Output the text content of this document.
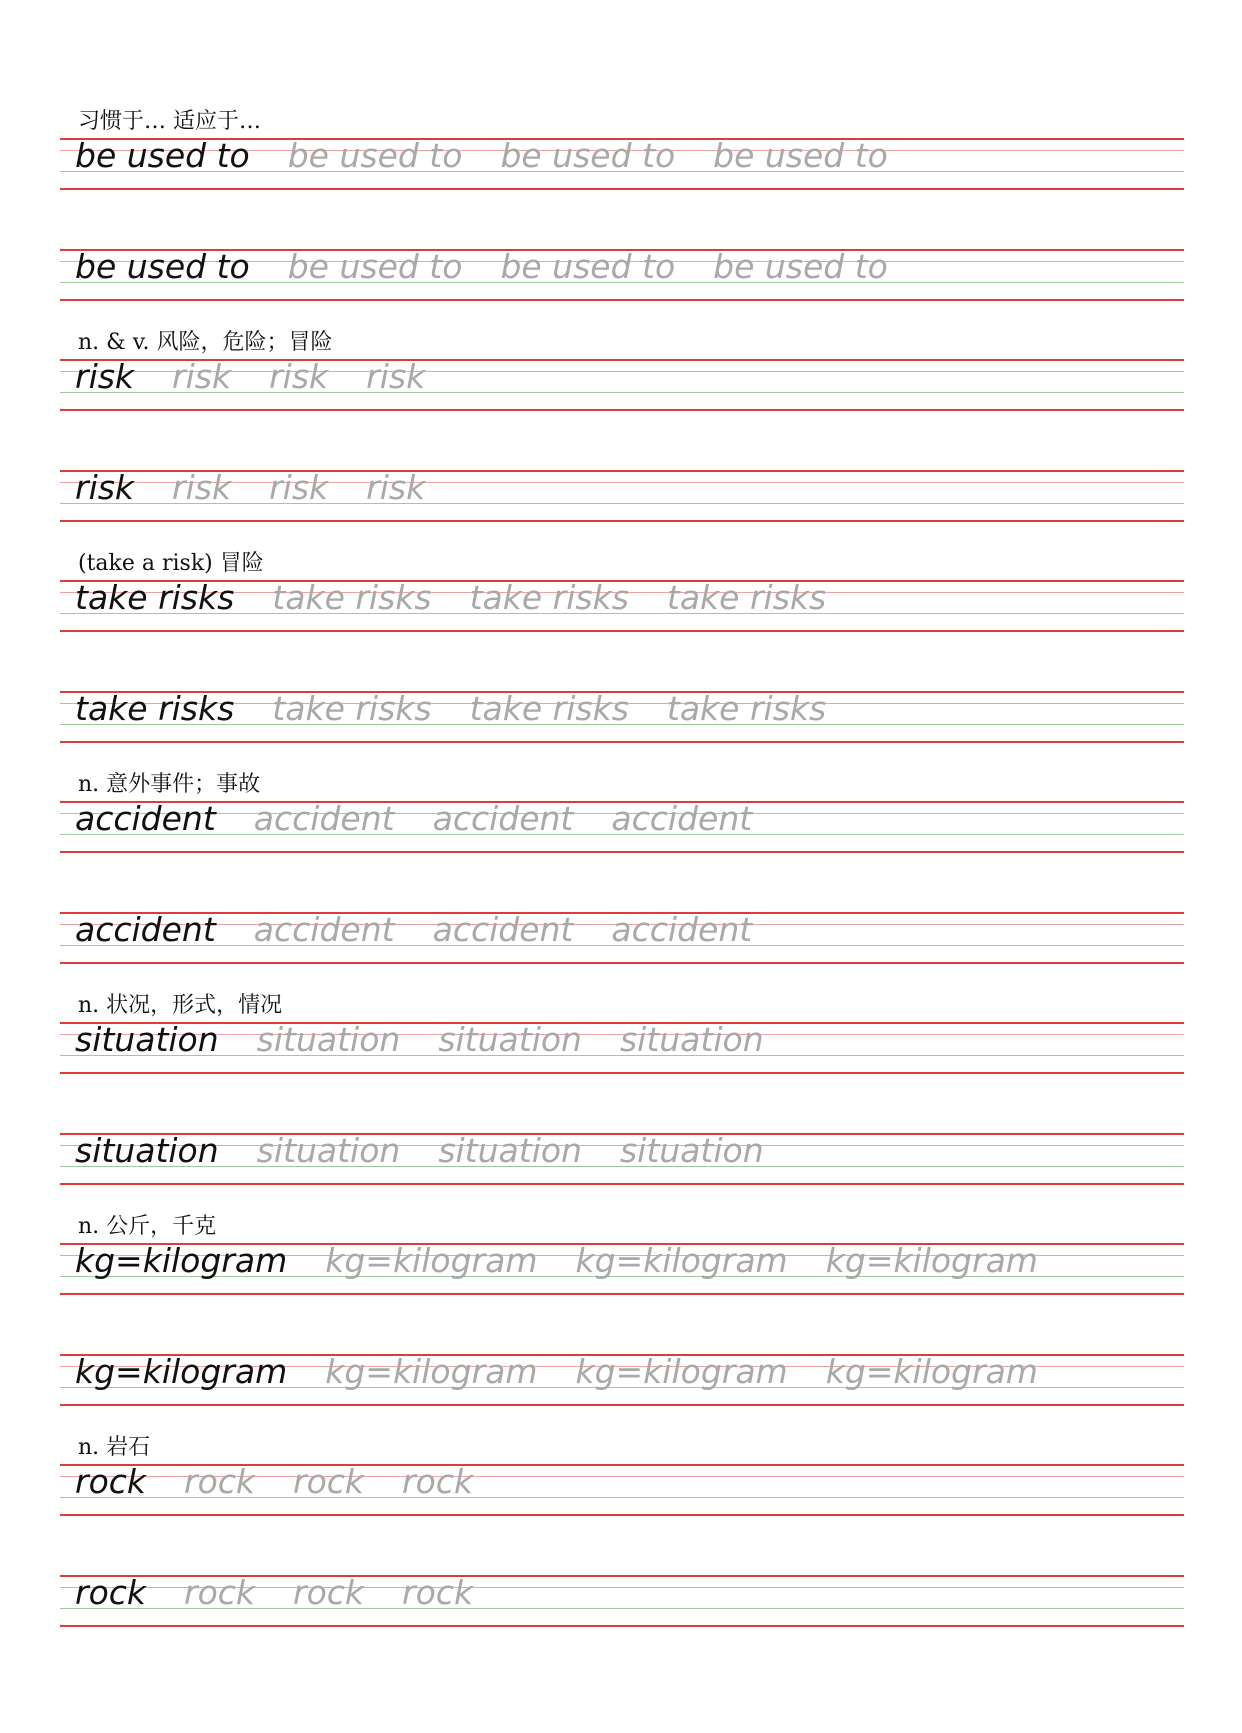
习惯于… 适应于…
be used to be used to be used to be used to
be used to be used to be used to be used to
n. & v. 风险，危险；冒险
risk risk risk risk
risk risk risk risk
(take a risk) 冒险
take risks take risks take risks take risks
take risks take risks take risks take risks
n. 意外事件；事故
accident accident accident accident
accident accident accident accident
n. 状况，形式，情况
situation situation situation situation
situation situation situation situation
n. 公斤，千克
kg=kilogram kg=kilogram kg=kilogram kg=kilogram
kg=kilogram kg=kilogram kg=kilogram kg=kilogram
n. 岩石
rock rock rock rock
rock rock rock rock
